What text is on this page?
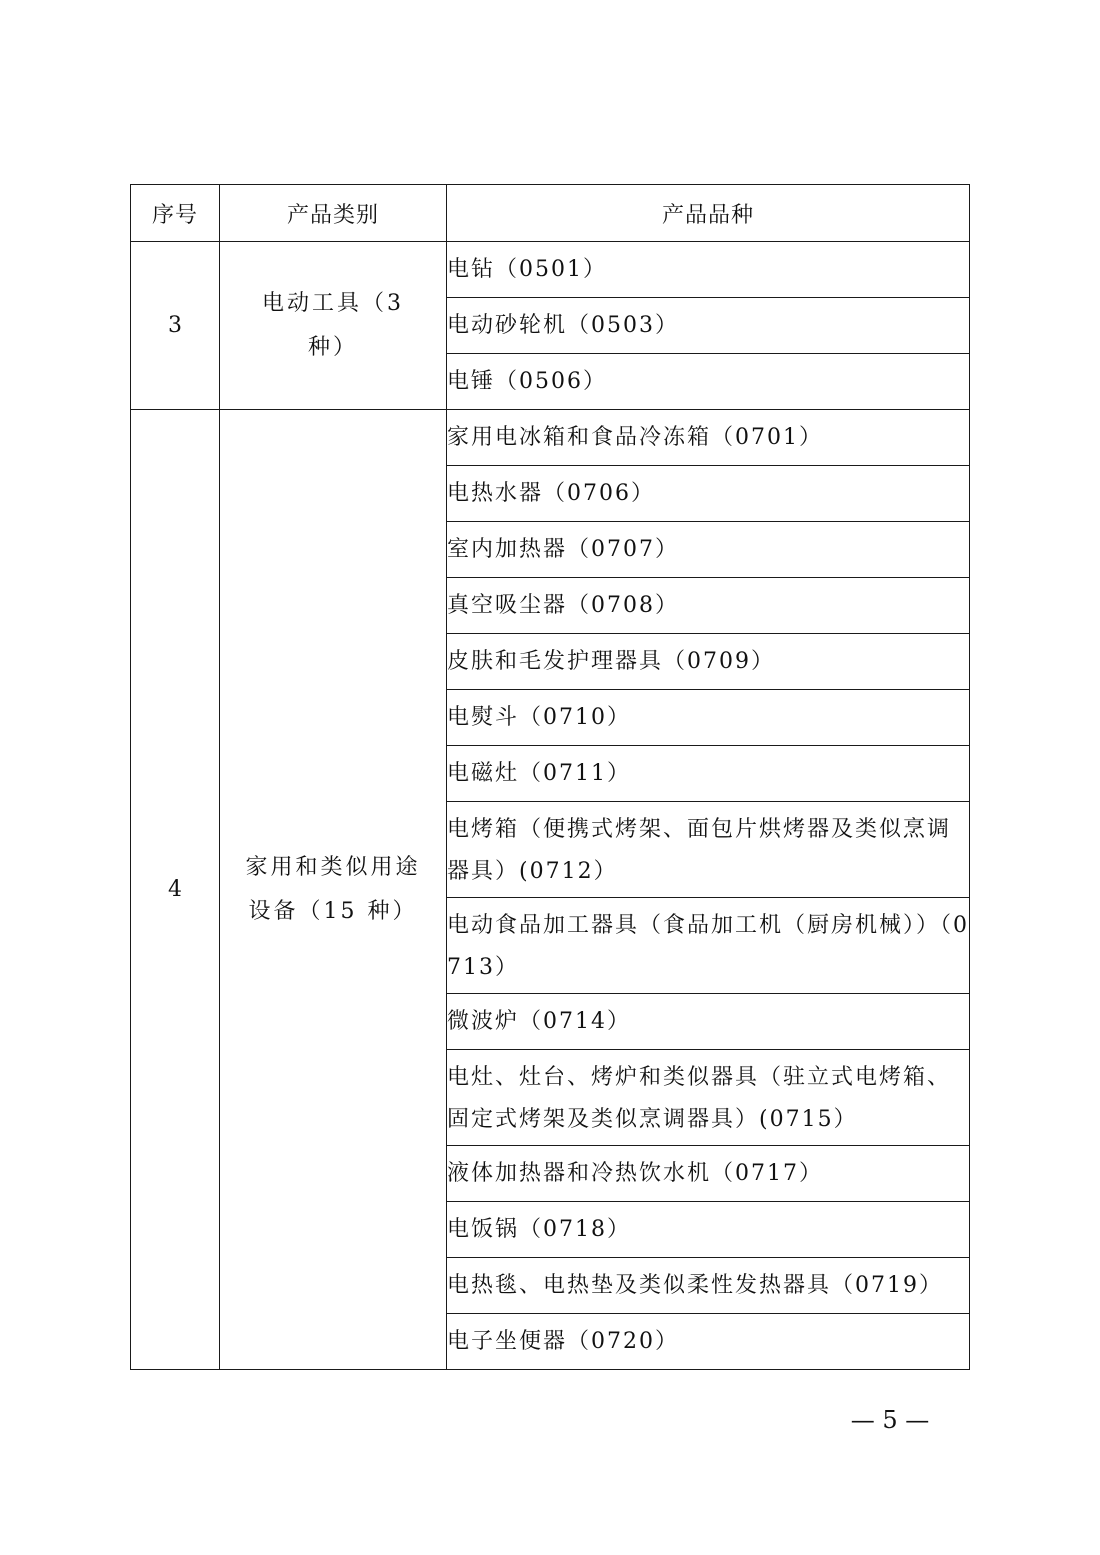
序号	产品类别	产品品种
3	电动工具（3 种）	电钻（0501）

		电动砂轮机（0503）

		电锤（0506）

4	家用和类似用途设备（15 种）	家用电冰箱和食品冷冻箱（0701）

		电热水器（0706）

		室内加热器（0707）

		真空吸尘器（0708）

		皮肤和毛发护理器具（0709）

		电熨斗（0710）

		电磁灶（0711）

		电烤箱（便携式烤架、面包片烘烤器及类似烹调器具）(0712）

		电动食品加工器具（食品加工机（厨房机械））（0713）

		微波炉（0714）

		电灶、灶台、烤炉和类似器具（驻立式电烤箱、固定式烤架及类似烹调器具）(0715）

		液体加热器和冷热饮水机（0717）

		电饭锅（0718）

		电热毯、电热垫及类似柔性发热器具（0719）

		电子坐便器（0720）
— 5 —
